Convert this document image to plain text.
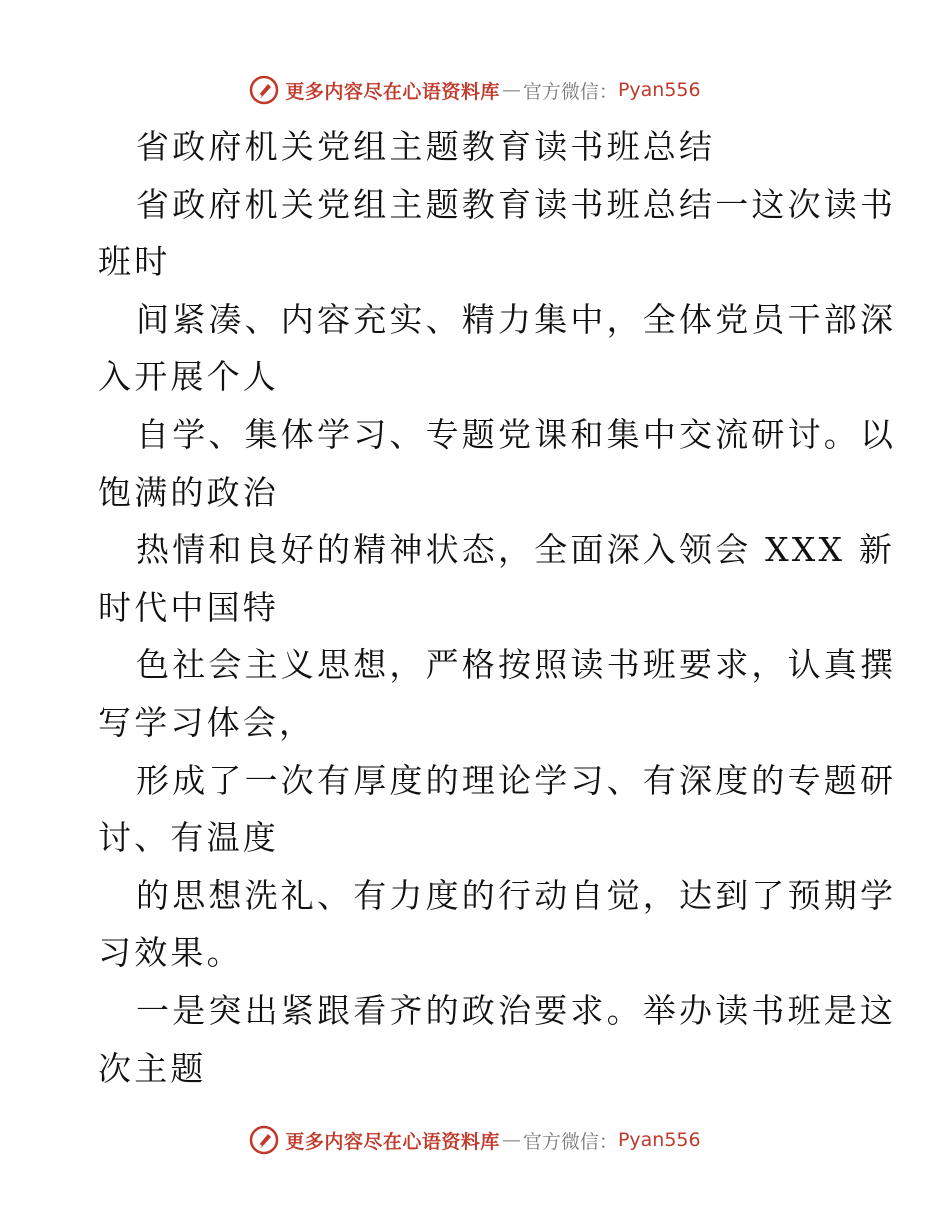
更多内容尽在心语资料库 — 官方微信： Pyan556
省政府机关党组主题教育读书班总结
省政府机关党组主题教育读书班总结一这次读书
班时
间紧凑、内容充实、精力集中，全体党员干部深
入开展个人
自学、集体学习、专题党课和集中交流研讨。以
饱满的政治
热情和良好的精神状态，全面深入领会 XXX 新
时代中国特
色社会主义思想，严格按照读书班要求，认真撰
写学习体会，
形成了一次有厚度的理论学习、有深度的专题研
讨、有温度
的思想洗礼、有力度的行动自觉，达到了预期学
习效果。
一是突出紧跟看齐的政治要求。举办读书班是这
次主题
更多内容尽在心语资料库 — 官方微信： Pyan556
